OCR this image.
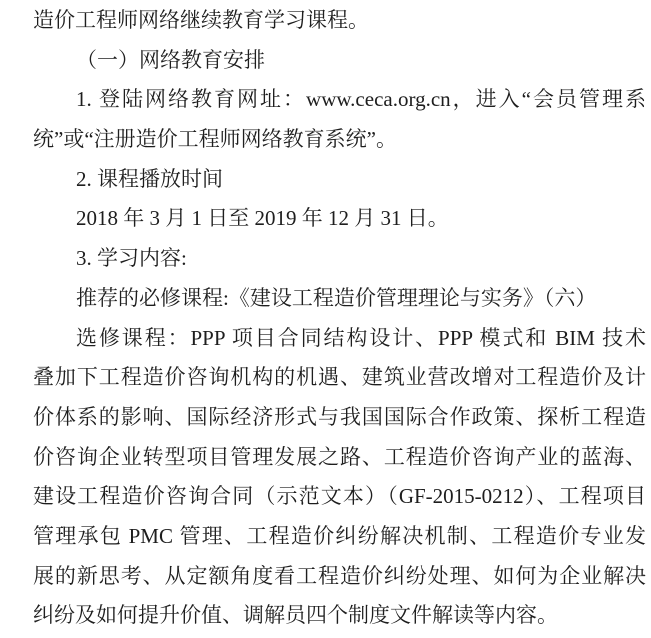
造价工程师网络继续教育学习课程。
（一）网络教育安排
1. 登陆网络教育网址：www.ceca.org.cn，进入“会员管理系
统”或“注册造价工程师网络教育系统”。
2. 课程播放时间
2018 年 3 月 1 日至 2019 年 12 月 31 日。
3. 学习内容:
推荐的必修课程:《建设工程造价管理理论与实务》（六）
选修课程：PPP 项目合同结构设计、PPP 模式和 BIM 技术
叠加下工程造价咨询机构的机遇、建筑业营改增对工程造价及计
价体系的影响、国际经济形式与我国国际合作政策、探析工程造
价咨询企业转型项目管理发展之路、工程造价咨询产业的蓝海、
建设工程造价咨询合同（示范文本）（GF-2015-0212）、工程项目
管理承包 PMC 管理、工程造价纠纷解决机制、工程造价专业发
展的新思考、从定额角度看工程造价纠纷处理、如何为企业解决
纠纷及如何提升价值、调解员四个制度文件解读等内容。
